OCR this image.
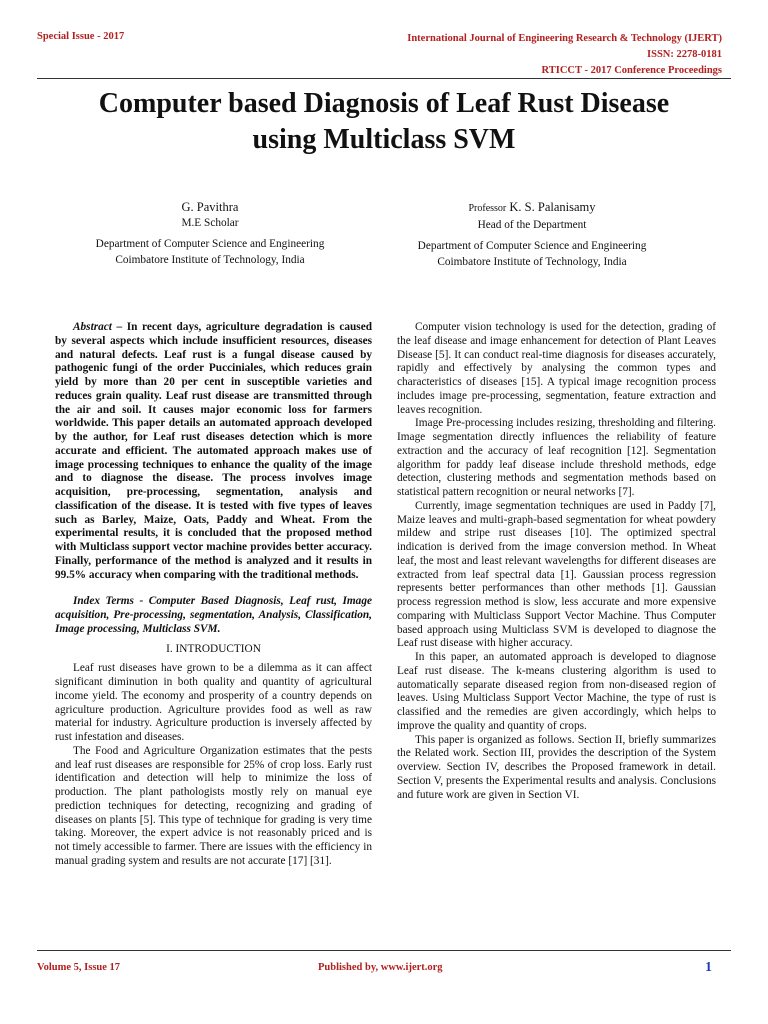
Special Issue - 2017	International Journal of Engineering Research & Technology (IJERT)
ISSN: 2278-0181
RTICCT - 2017 Conference Proceedings
Computer based Diagnosis of Leaf Rust Disease
using Multiclass SVM
G. Pavithra
M.E Scholar
Department of Computer Science and Engineering
Coimbatore Institute of Technology, India
Professor K. S. Palanisamy
Head of the Department
Department of Computer Science and Engineering
Coimbatore Institute of Technology, India

Abstract – In recent days, agriculture degradation is caused by several aspects which include insufficient resources, diseases and natural defects. Leaf rust is a fungal disease caused by pathogenic fungi of the order Pucciniales, which reduces grain yield by more than 20 per cent in susceptible varieties and reduces grain quality. Leaf rust disease are transmitted through the air and soil. It causes major economic loss for farmers worldwide. This paper details an automated approach developed by the author, for Leaf rust diseases detection which is more accurate and efficient. The automated approach makes use of image processing techniques to enhance the quality of the image and to diagnose the disease. The process involves image acquisition, pre-processing, segmentation, analysis and classification of the disease. It is tested with five types of leaves such as Barley, Maize, Oats, Paddy and Wheat. From the experimental results, it is concluded that the proposed method with Multiclass support vector machine provides better accuracy. Finally, performance of the method is analyzed and it results in 99.5% accuracy when comparing with the traditional methods.

Index Terms - Computer Based Diagnosis, Leaf rust, Image acquisition, Pre-processing, segmentation, Analysis, Classification, Image processing, Multiclass SVM.

I. INTRODUCTION

Leaf rust diseases have grown to be a dilemma as it can affect significant diminution in both quality and quantity of agricultural income yield. The economy and prosperity of a country depends on agriculture production. Agriculture provides food as well as raw material for industry. Agriculture production is inversely affected by rust infestation and diseases.

The Food and Agriculture Organization estimates that the pests and leaf rust diseases are responsible for 25% of crop loss. Early rust identification and detection will help to minimize the loss of production. The plant pathologists mostly rely on manual eye prediction techniques for detecting, recognizing and grading of diseases on plants [5]. This type of technique for grading is very time taking. Moreover, the expert advice is not reasonably priced and is not timely accessible to farmer. There are issues with the efficiency in manual grading system and results are not accurate [17] [31].

Computer vision technology is used for the detection, grading of the leaf disease and image enhancement for detection of Plant Leaves Disease [5]. It can conduct real-time diagnosis for diseases accurately, rapidly and effectively by analysing the common types and characteristics of diseases [15]. A typical image recognition process includes image pre-processing, segmentation, feature extraction and leaves recognition.

Image Pre-processing includes resizing, thresholding and filtering. Image segmentation directly influences the reliability of feature extraction and the accuracy of leaf recognition [12]. Segmentation algorithm for paddy leaf disease include threshold methods, edge detection, clustering methods and segmentation methods based on statistical pattern recognition or neural networks [7].

Currently, image segmentation techniques are used in Paddy [7], Maize leaves and multi-graph-based segmentation for wheat powdery mildew and stripe rust diseases [10]. The optimized spectral indication is derived from the image conversion method. In Wheat leaf, the most and least relevant wavelengths for different diseases are extracted from leaf spectral data [1]. Gaussian process regression represents better performances than other methods [1]. Gaussian process regression method is slow, less accurate and more expensive comparing with Multiclass Support Vector Machine. Thus Computer based approach using Multiclass SVM is developed to diagnose the Leaf rust disease with higher accuracy.

In this paper, an automated approach is developed to diagnose Leaf rust disease. The k-means clustering algorithm is used to automatically separate diseased region from non-diseased region of leaves. Using Multiclass Support Vector Machine, the type of rust is classified and the remedies are given accordingly, which helps to improve the quality and quantity of crops.

This paper is organized as follows. Section II, briefly summarizes the Related work. Section III, provides the description of the System overview. Section IV, describes the Proposed framework in detail. Section V, presents the Experimental results and analysis. Conclusions and future work are given in Section VI.

Volume 5, Issue 17	Published by, www.ijert.org	1
